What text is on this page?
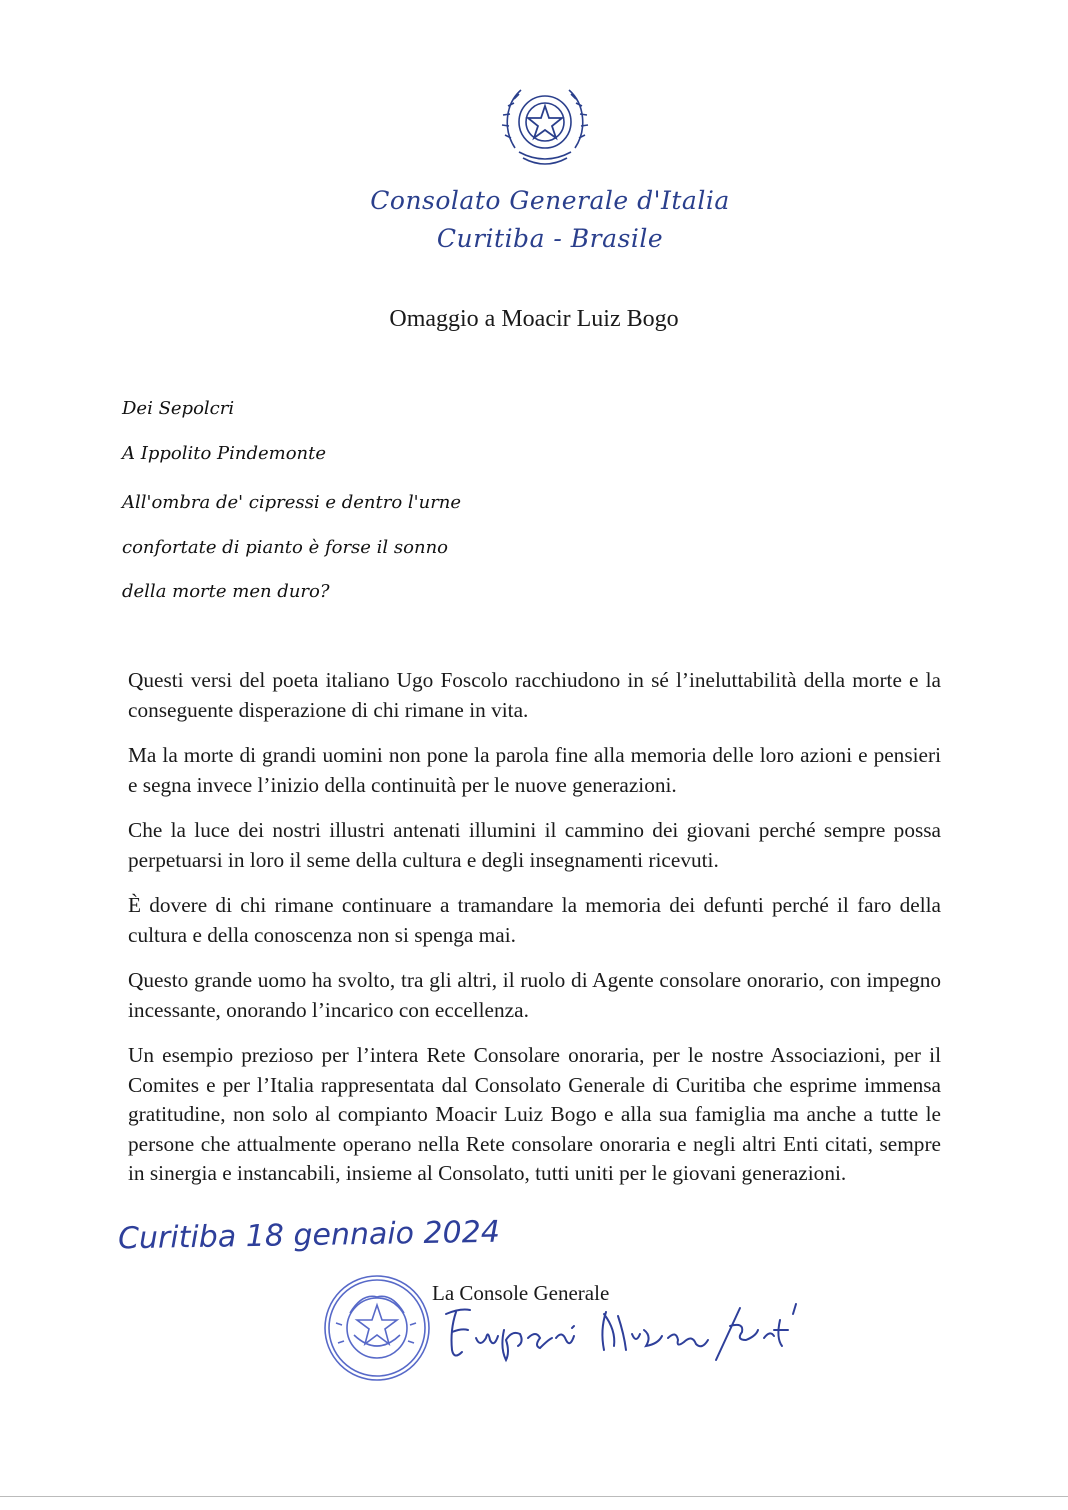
Consolato Generale d'Italia
Curitiba - Brasile
Omaggio a Moacir Luiz Bogo
Dei Sepolcri
A Ippolito Pindemonte
All'ombra de' cipressi e dentro l'urne
confortate di pianto è forse il sonno
della morte men duro?

Questi versi del poeta italiano Ugo Foscolo racchiudono in sé l’ineluttabilità della morte e la conseguente disperazione di chi rimane in vita.

Ma la morte di grandi uomini non pone la parola fine alla memoria delle loro azioni e pensieri e segna invece l’inizio della continuità per le nuove generazioni.

Che la luce dei nostri illustri antenati illumini il cammino dei giovani perché sempre possa perpetuarsi in loro il seme della cultura e degli insegnamenti ricevuti.

È dovere di chi rimane continuare a tramandare la memoria dei defunti perché il faro della cultura e della conoscenza non si spenga mai.

Questo grande uomo ha svolto, tra gli altri, il ruolo di Agente consolare onorario, con impegno incessante, onorando l’incarico con eccellenza.

Un esempio prezioso per l’intera Rete Consolare onoraria, per le nostre Associazioni, per il Comites e per l’Italia rappresentata dal Consolato Generale di Curitiba che esprime immensa gratitudine, non solo al compianto Moacir Luiz Bogo e alla sua famiglia ma anche a tutte le persone che attualmente operano nella Rete consolare onoraria e negli altri Enti citati, sempre in sinergia e instancabili, insieme al Consolato, tutti uniti per le giovani generazioni.

Curitiba 18 gennaio 2024
La Console Generale
